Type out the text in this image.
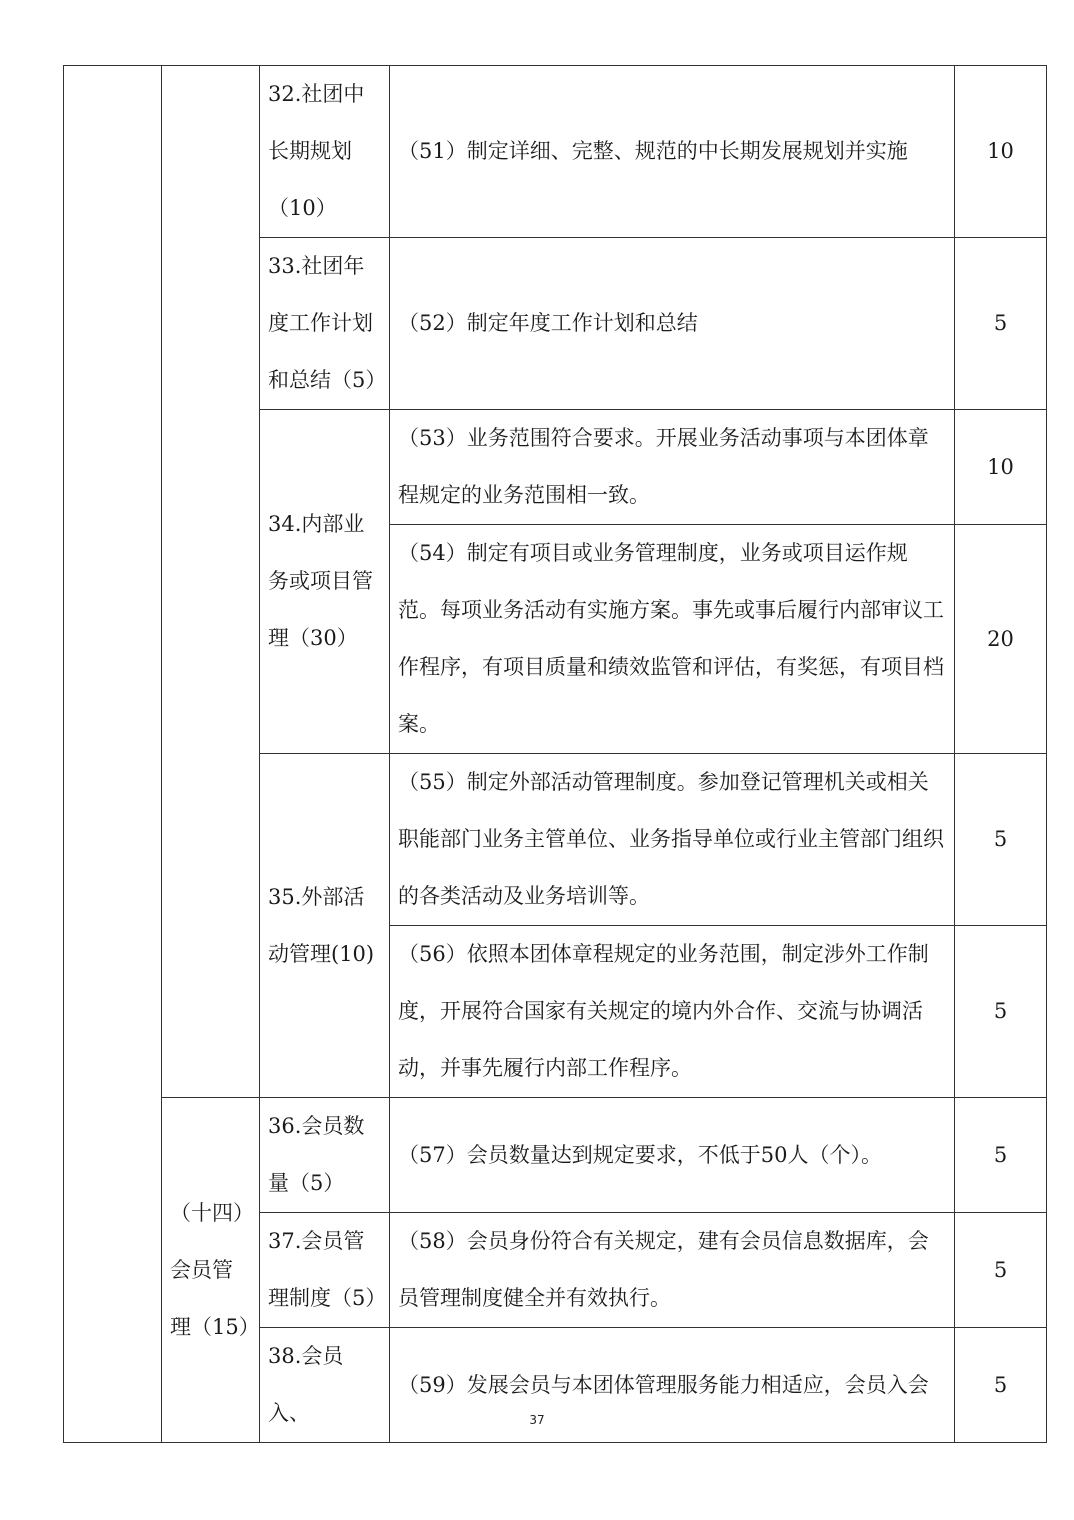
		32.社团中长期规划（10）	（51）制定详细、完整、规范的中长期发展规划并实施	10
		33.社团年度工作计划和总结（5）	（52）制定年度工作计划和总结	5
		34.内部业务或项目管理（30）	（53）业务范围符合要求。开展业务活动事项与本团体章程规定的业务范围相一致。	10
			（54）制定有项目或业务管理制度，业务或项目运作规范。每项业务活动有实施方案。事先或事后履行内部审议工作程序，有项目质量和绩效监管和评估，有奖惩，有项目档案。	20
		35.外部活动管理(10)	（55）制定外部活动管理制度。参加登记管理机关或相关职能部门业务主管单位、业务指导单位或行业主管部门组织的各类活动及业务培训等。	5
			（56）依照本团体章程规定的业务范围，制定涉外工作制度，开展符合国家有关规定的境内外合作、交流与协调活动，并事先履行内部工作程序。	5
	（十四）会员管理（15）	36.会员数量（5）	（57）会员数量达到规定要求，不低于50人（个）。	5
		37.会员管理制度（5）	（58）会员身份符合有关规定，建有会员信息数据库，会员管理制度健全并有效执行。	5
		38.会员入、	（59）发展会员与本团体管理服务能力相适应，会员入会	5
37
